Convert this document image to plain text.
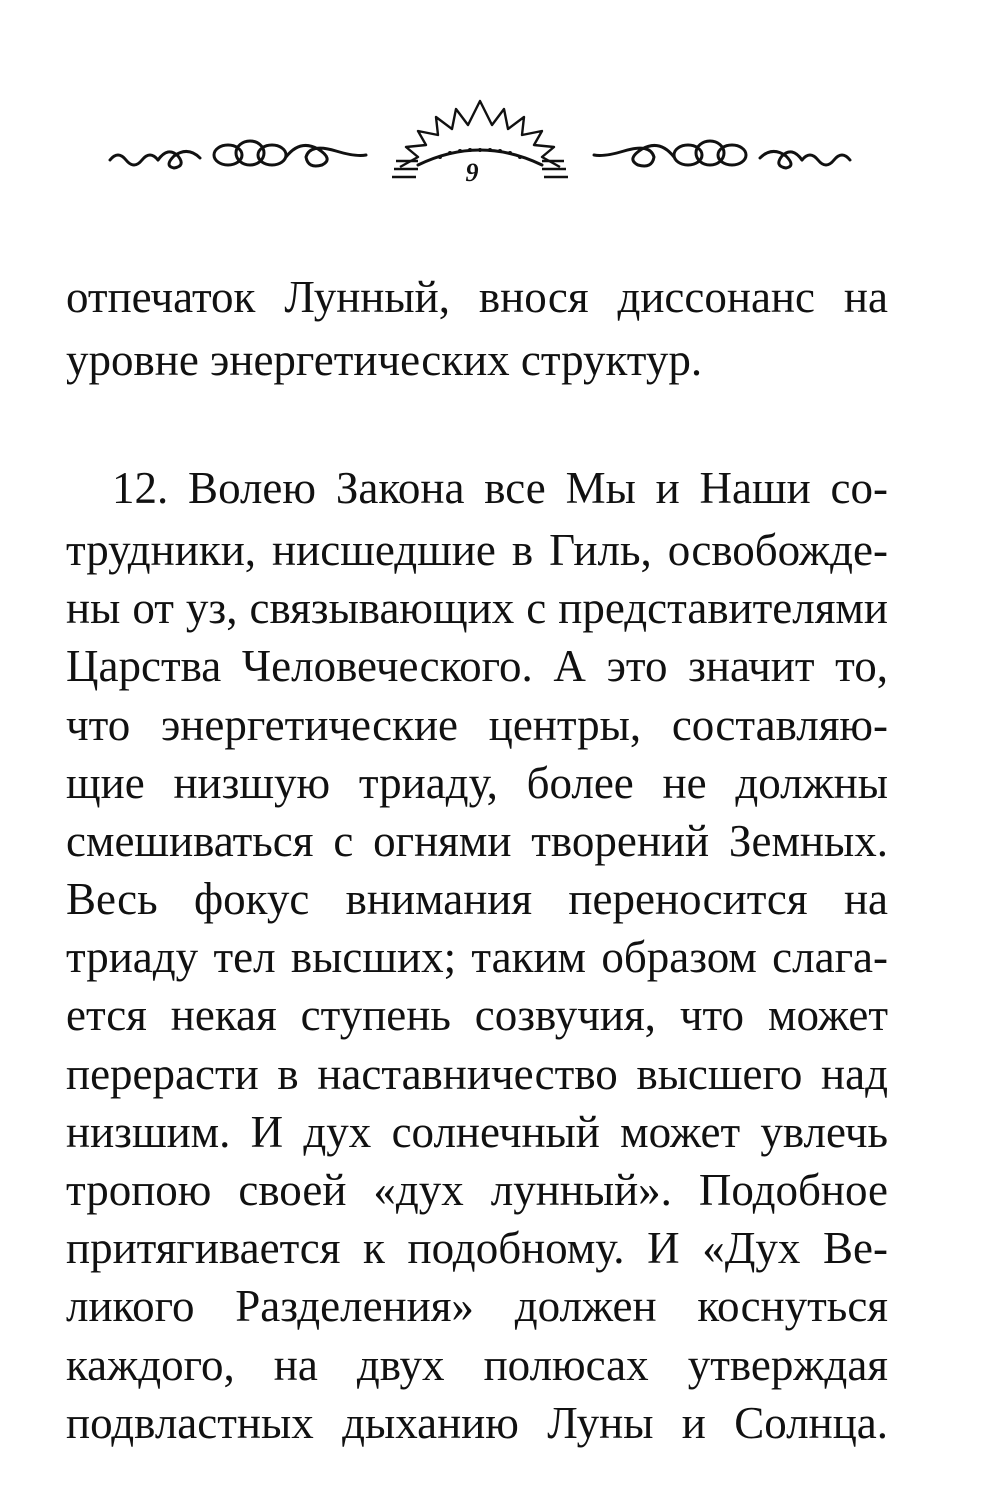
9
отпечаток Лунный, внося диссонанс на
уровне энергетических структур.
12. Волею Закона все Мы и Наши со-
трудники, нисшедшие в Гиль, освобожде-
ны от уз, связывающих с представителями
Царства Человеческого. А это значит то,
что энергетические центры, составляю-
щие низшую триаду, более не должны
смешиваться с огнями творений Земных.
Весь фокус внимания переносится на
триаду тел высших; таким образом слага-
ется некая ступень созвучия, что может
перерасти в наставничество высшего над
низшим. И дух солнечный может увлечь
тропою своей «дух лунный». Подобное
притягивается к подобному. И «Дух Ве-
ликого Разделения» должен коснуться
каждого, на двух полюсах утверждая
подвластных дыханию Луны и Солнца.
